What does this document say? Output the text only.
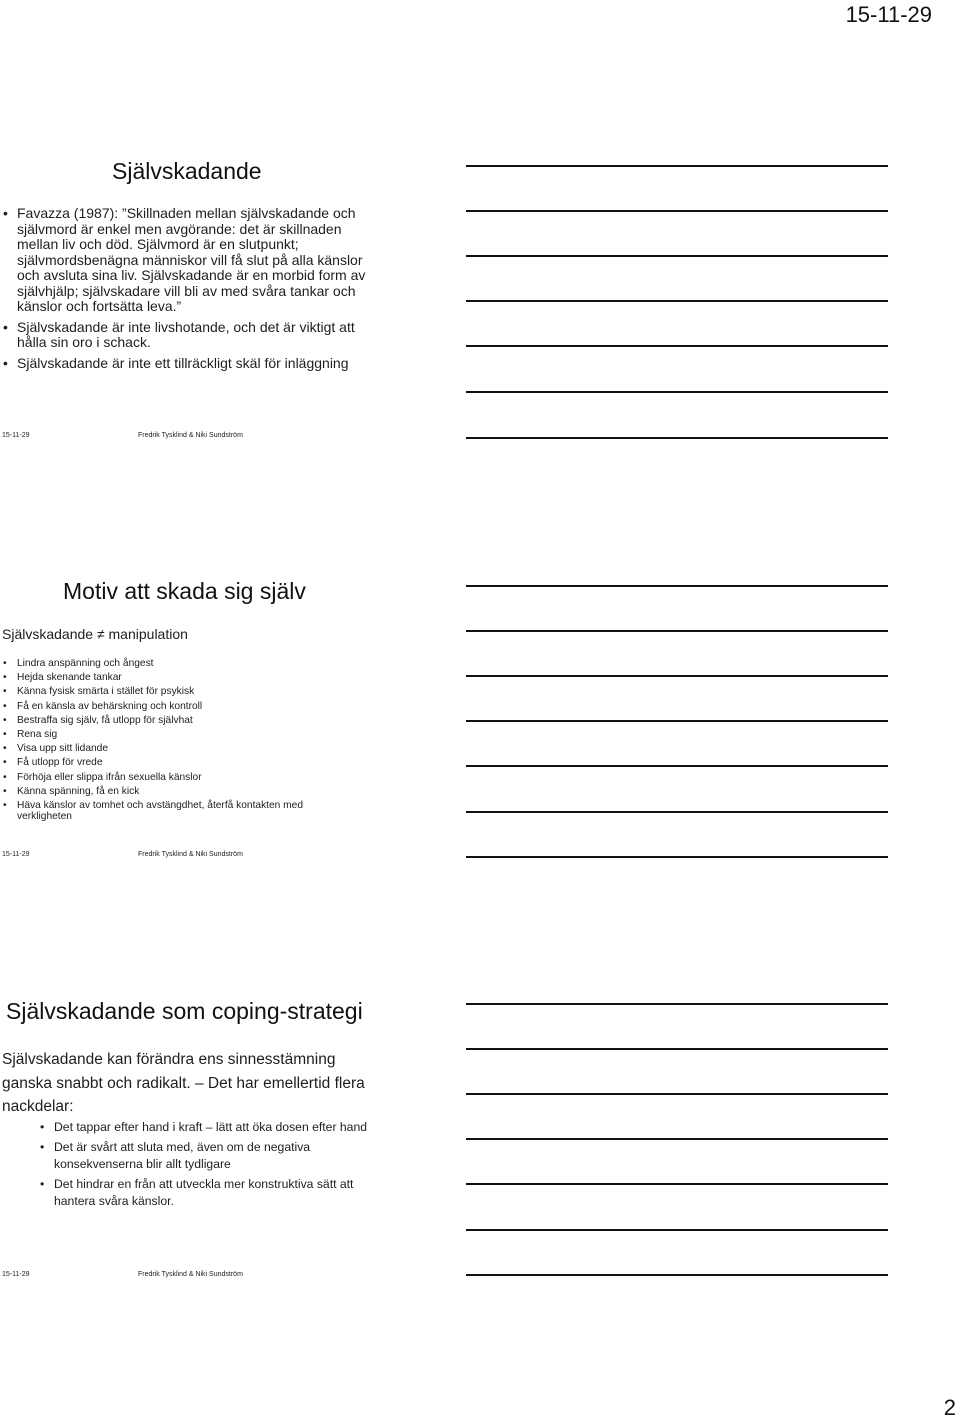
15-11-29
Självskadande
• Favazza (1987): ”Skillnaden mellan självskadande och självmord är enkel men avgörande: det är skillnaden mellan liv och död. Självmord är en slutpunkt; självmordsbenägna människor vill få slut på alla känslor och avsluta sina liv. Självskadande är en morbid form av självhjälp; självskadare vill bli av med svåra tankar och känslor och fortsätta leva.”
• Självskadande är inte livshotande, och det är viktigt att hålla sin oro i schack.
• Självskadande är inte ett tillräckligt skäl för inläggning
15-11-29	Fredrik Tysklind & Niki Sundström
Motiv att skada sig själv
Självskadande ≠ manipulation
• Lindra anspänning och ångest
• Hejda skenande tankar
• Känna fysisk smärta i stället för psykisk
• Få en känsla av behärskning och kontroll
• Bestraffa sig själv, få utlopp för självhat
• Rena sig
• Visa upp sitt lidande
• Få utlopp för vrede
• Förhöja eller slippa ifrån sexuella känslor
• Känna spänning, få en kick
• Häva känslor av tomhet och avstängdhet, återfå kontakten med verkligheten
15-11-29	Fredrik Tysklind & Niki Sundström
Självskadande som coping-strategi

Självskadande kan förändra ens sinnesstämning ganska snabbt och radikalt. – Det har emellertid flera nackdelar:

• Det tappar efter hand i kraft – lätt att öka dosen efter hand
• Det är svårt att sluta med, även om de negativa konsekvenserna blir allt tydligare
• Det hindrar en från att utveckla mer konstruktiva sätt att hantera svåra känslor.
15-11-29	Fredrik Tysklind & Niki Sundström
2
